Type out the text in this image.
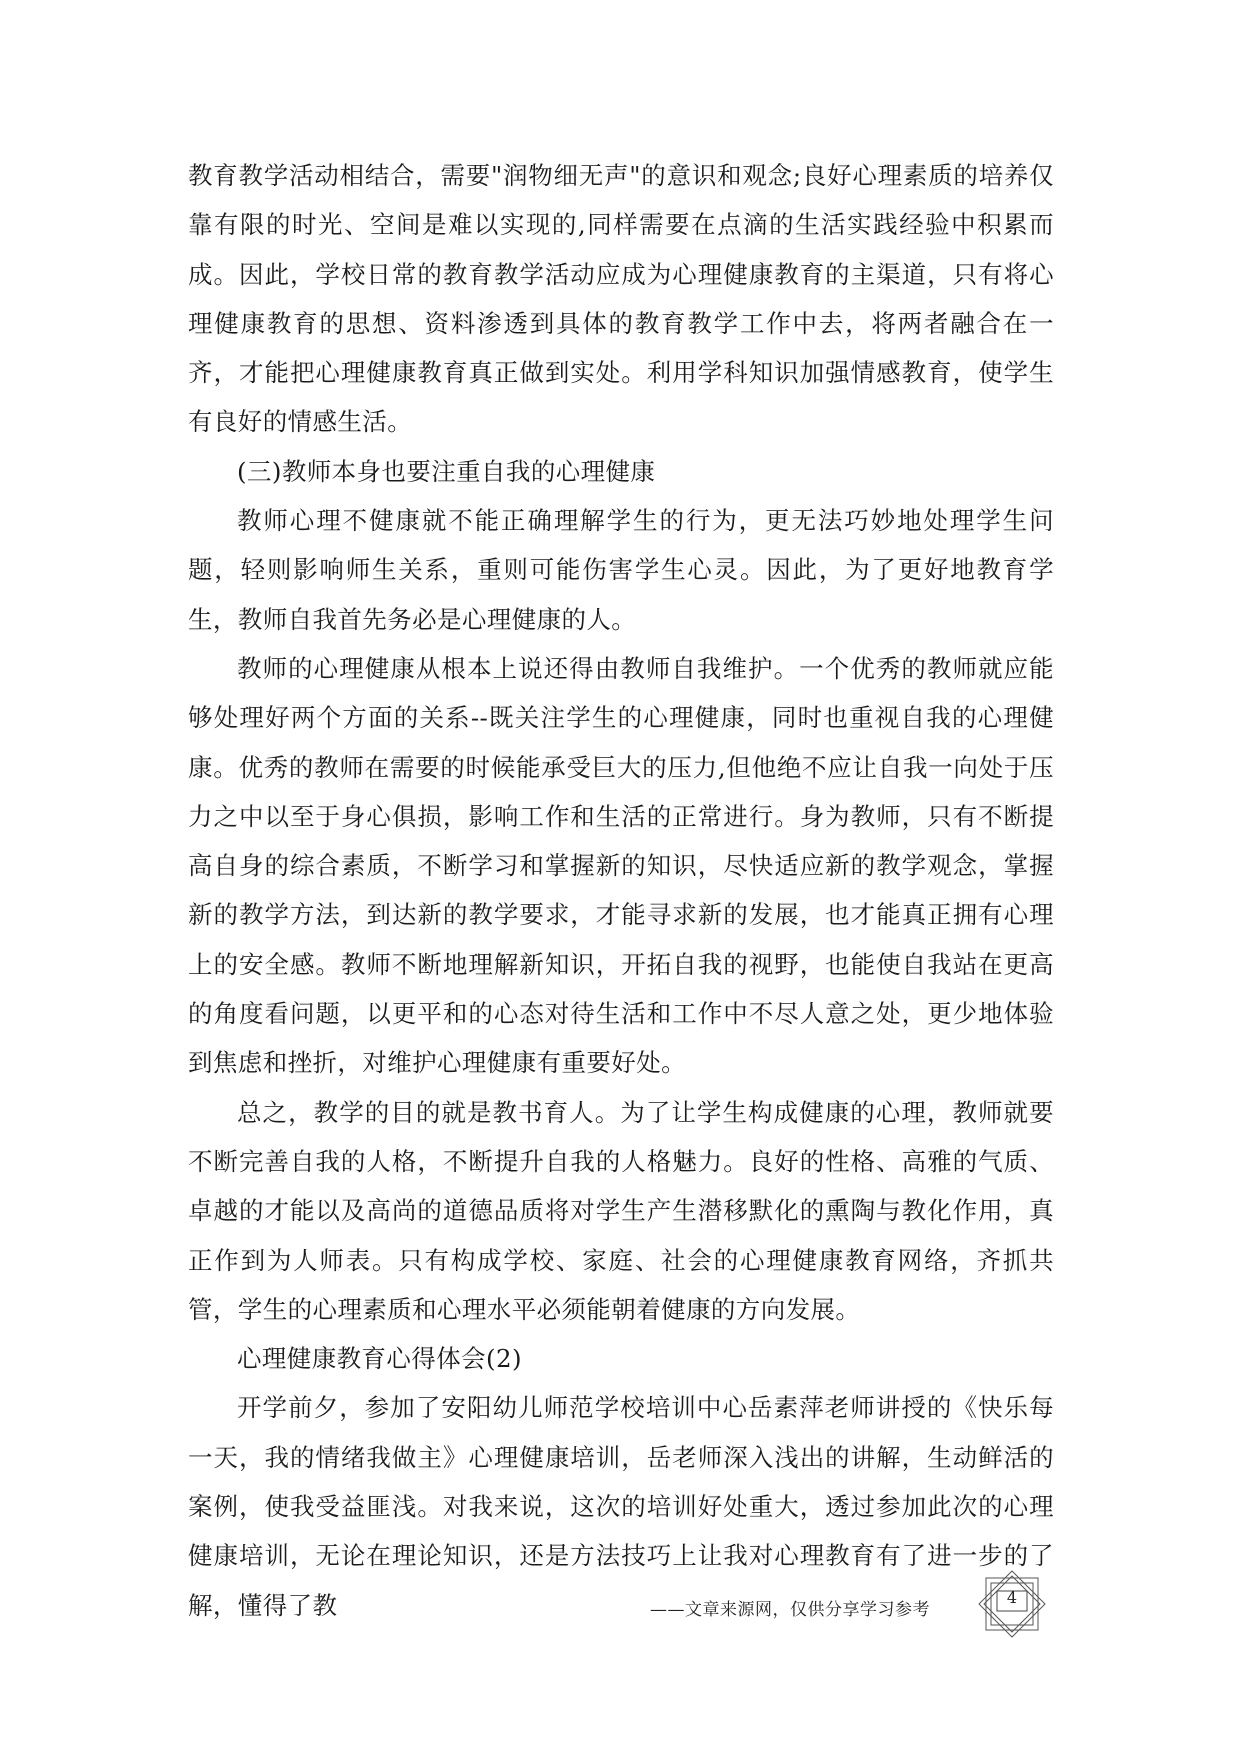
教育教学活动相结合，需要"润物细无声"的意识和观念;良好心理素质的培养仅靠有限的时光、空间是难以实现的,同样需要在点滴的生活实践经验中积累而成。因此，学校日常的教育教学活动应成为心理健康教育的主渠道，只有将心理健康教育的思想、资料渗透到具体的教育教学工作中去，将两者融合在一齐，才能把心理健康教育真正做到实处。利用学科知识加强情感教育，使学生有良好的情感生活。

(三)教师本身也要注重自我的心理健康

教师心理不健康就不能正确理解学生的行为，更无法巧妙地处理学生问题，轻则影响师生关系，重则可能伤害学生心灵。因此，为了更好地教育学生，教师自我首先务必是心理健康的人。

教师的心理健康从根本上说还得由教师自我维护。一个优秀的教师就应能够处理好两个方面的关系--既关注学生的心理健康，同时也重视自我的心理健康。优秀的教师在需要的时候能承受巨大的压力,但他绝不应让自我一向处于压力之中以至于身心俱损，影响工作和生活的正常进行。身为教师，只有不断提高自身的综合素质，不断学习和掌握新的知识，尽快适应新的教学观念，掌握新的教学方法，到达新的教学要求，才能寻求新的发展，也才能真正拥有心理上的安全感。教师不断地理解新知识，开拓自我的视野，也能使自我站在更高的角度看问题，以更平和的心态对待生活和工作中不尽人意之处，更少地体验到焦虑和挫折，对维护心理健康有重要好处。

总之，教学的目的就是教书育人。为了让学生构成健康的心理，教师就要不断完善自我的人格，不断提升自我的人格魅力。良好的性格、高雅的气质、卓越的才能以及高尚的道德品质将对学生产生潜移默化的熏陶与教化作用，真正作到为人师表。只有构成学校、家庭、社会的心理健康教育网络，齐抓共管，学生的心理素质和心理水平必须能朝着健康的方向发展。

心理健康教育心得体会(2)

开学前夕，参加了安阳幼儿师范学校培训中心岳素萍老师讲授的《快乐每一天，我的情绪我做主》心理健康培训，岳老师深入浅出的讲解，生动鲜活的案例，使我受益匪浅。对我来说，这次的培训好处重大，透过参加此次的心理健康培训，无论在理论知识，还是方法技巧上让我对心理教育有了进一步的了解，懂得了教	——文章来源网，仅供分享学习参考
4
